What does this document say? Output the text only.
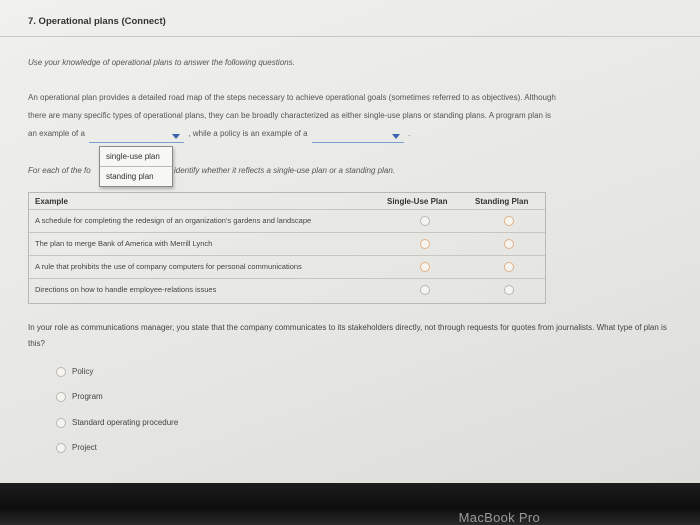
7. Operational plans (Connect)
Use your knowledge of operational plans to answer the following questions.
An operational plan provides a detailed road map of the steps necessary to achieve operational goals (sometimes referred to as objectives). Although
there are many specific types of operational plans, they can be broadly characterized as either single-use plans or standing plans. A program plan is
an example of a	, while a policy is an example of a	.
For each of the fo	identify whether it reflects a single-use plan or a standing plan.
single-use plan
standing plan
Example	Single-Use Plan	Standing Plan
A schedule for completing the redesign of an organization's gardens and landscape
The plan to merge Bank of America with Merrill Lynch
A rule that prohibits the use of company computers for personal communications
Directions on how to handle employee-relations issues
In your role as communications manager, you state that the company communicates to its stakeholders directly, not through requests for quotes from journalists. What type of plan is this?
Policy
Program
Standard operating procedure
Project
MacBook Pro
